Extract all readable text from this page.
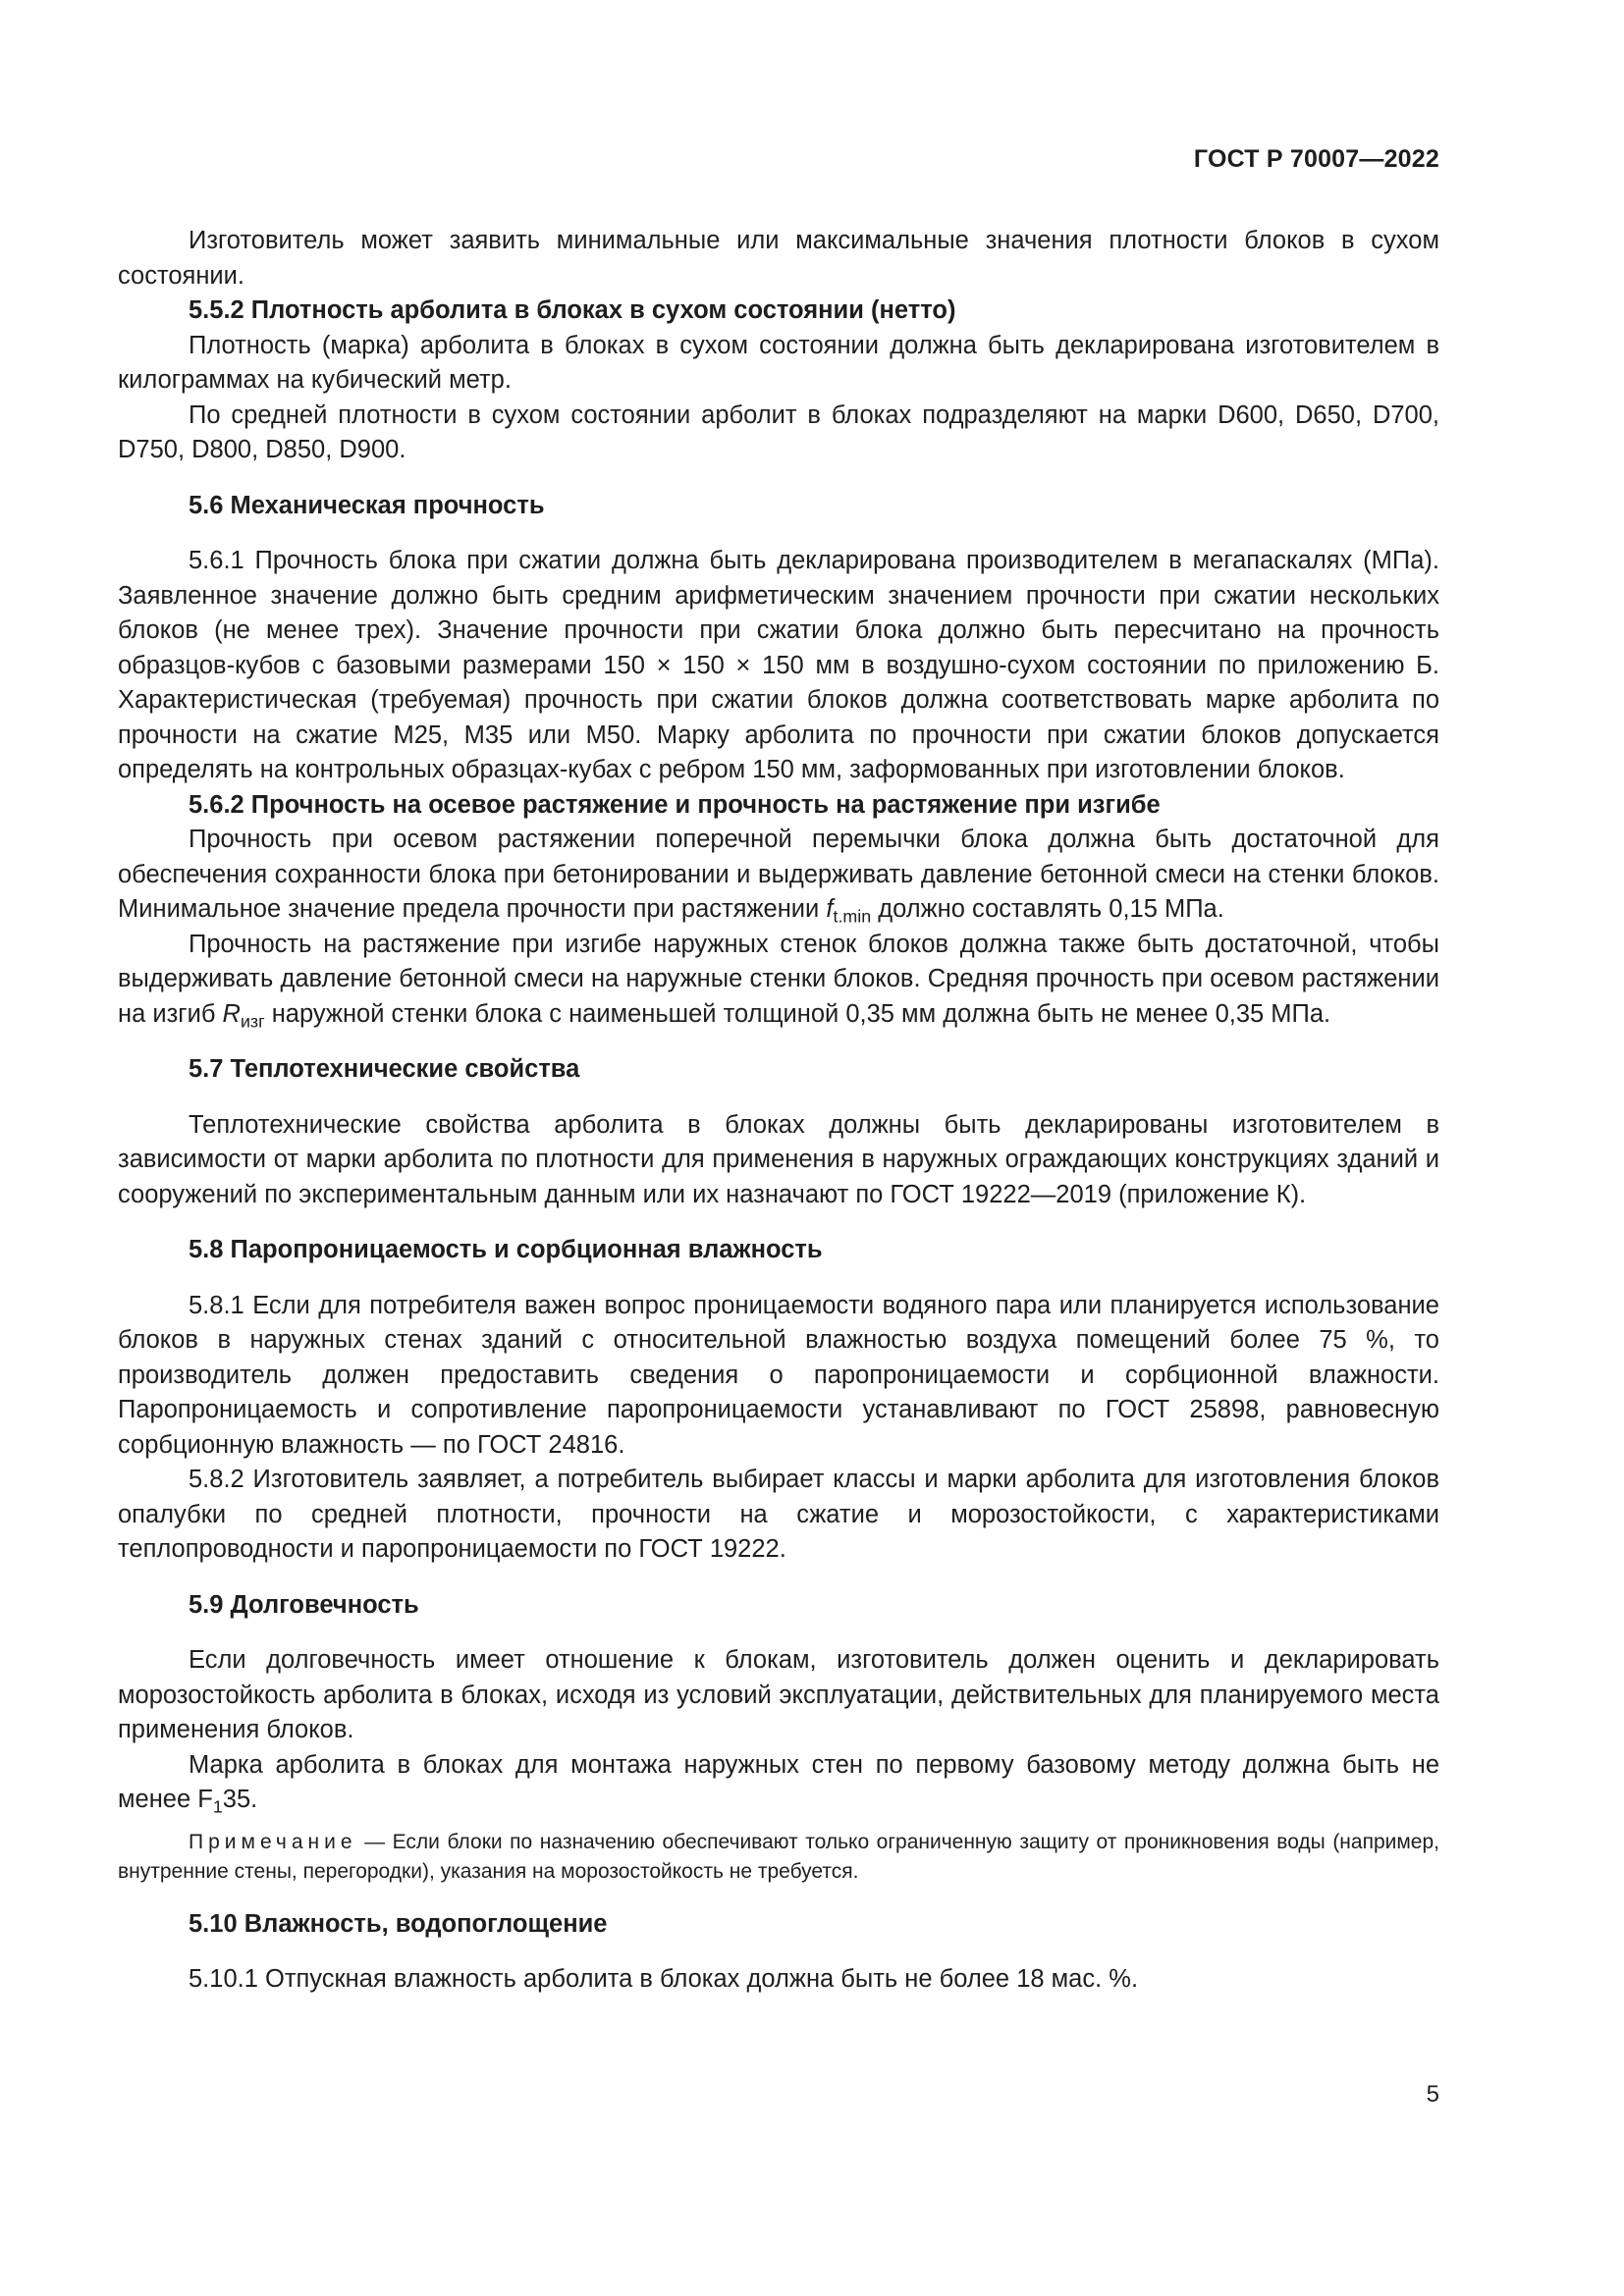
ГОСТ Р 70007—2022

Изготовитель может заявить минимальные или максимальные значения плотности блоков в сухом состоянии.

5.5.2 Плотность арболита в блоках в сухом состоянии (нетто)

Плотность (марка) арболита в блоках в сухом состоянии должна быть декларирована изготовителем в килограммах на кубический метр.

По средней плотности в сухом состоянии арболит в блоках подразделяют на марки D600, D650, D700, D750, D800, D850, D900.

5.6 Механическая прочность

5.6.1 Прочность блока при сжатии должна быть декларирована производителем в мегапаскалях (МПа). Заявленное значение должно быть средним арифметическим значением прочности при сжатии нескольких блоков (не менее трех). Значение прочности при сжатии блока должно быть пересчитано на прочность образцов-кубов с базовыми размерами 150 × 150 × 150 мм в воздушно-сухом состоянии по приложению Б. Характеристическая (требуемая) прочность при сжатии блоков должна соответствовать марке арболита по прочности на сжатие М25, М35 или М50. Марку арболита по прочности при сжатии блоков допускается определять на контрольных образцах-кубах с ребром 150 мм, заформованных при изготовлении блоков.

5.6.2 Прочность на осевое растяжение и прочность на растяжение при изгибе

Прочность при осевом растяжении поперечной перемычки блока должна быть достаточной для обеспечения сохранности блока при бетонировании и выдерживать давление бетонной смеси на стенки блоков. Минимальное значение предела прочности при растяжении $f_{t.min}$ должно составлять 0,15 МПа.

Прочность на растяжение при изгибе наружных стенок блоков должна также быть достаточной, чтобы выдерживать давление бетонной смеси на наружные стенки блоков. Средняя прочность при осевом растяжении на изгиб $R_{изг}$ наружной стенки блока с наименьшей толщиной 0,35 мм должна быть не менее 0,35 МПа.

5.7 Теплотехнические свойства

Теплотехнические свойства арболита в блоках должны быть декларированы изготовителем в зависимости от марки арболита по плотности для применения в наружных ограждающих конструкциях зданий и сооружений по экспериментальным данным или их назначают по ГОСТ 19222—2019 (приложение К).

5.8 Паропроницаемость и сорбционная влажность

5.8.1 Если для потребителя важен вопрос проницаемости водяного пара или планируется использование блоков в наружных стенах зданий с относительной влажностью воздуха помещений более 75 %, то производитель должен предоставить сведения о паропроницаемости и сорбционной влажности. Паропроницаемость и сопротивление паропроницаемости устанавливают по ГОСТ 25898, равновесную сорбционную влажность — по ГОСТ 24816.

5.8.2 Изготовитель заявляет, а потребитель выбирает классы и марки арболита для изготовления блоков опалубки по средней плотности, прочности на сжатие и морозостойкости, с характеристиками теплопроводности и паропроницаемости по ГОСТ 19222.

5.9 Долговечность

Если долговечность имеет отношение к блокам, изготовитель должен оценить и декларировать морозостойкость арболита в блоках, исходя из условий эксплуатации, действительных для планируемого места применения блоков.

Марка арболита в блоках для монтажа наружных стен по первому базовому методу должна быть не менее $F_135$.

Примечание — Если блоки по назначению обеспечивают только ограниченную защиту от проникновения воды (например, внутренние стены, перегородки), указания на морозостойкость не требуется.

5.10 Влажность, водопоглощение

5.10.1 Отпускная влажность арболита в блоках должна быть не более 18 мас. %.

5
